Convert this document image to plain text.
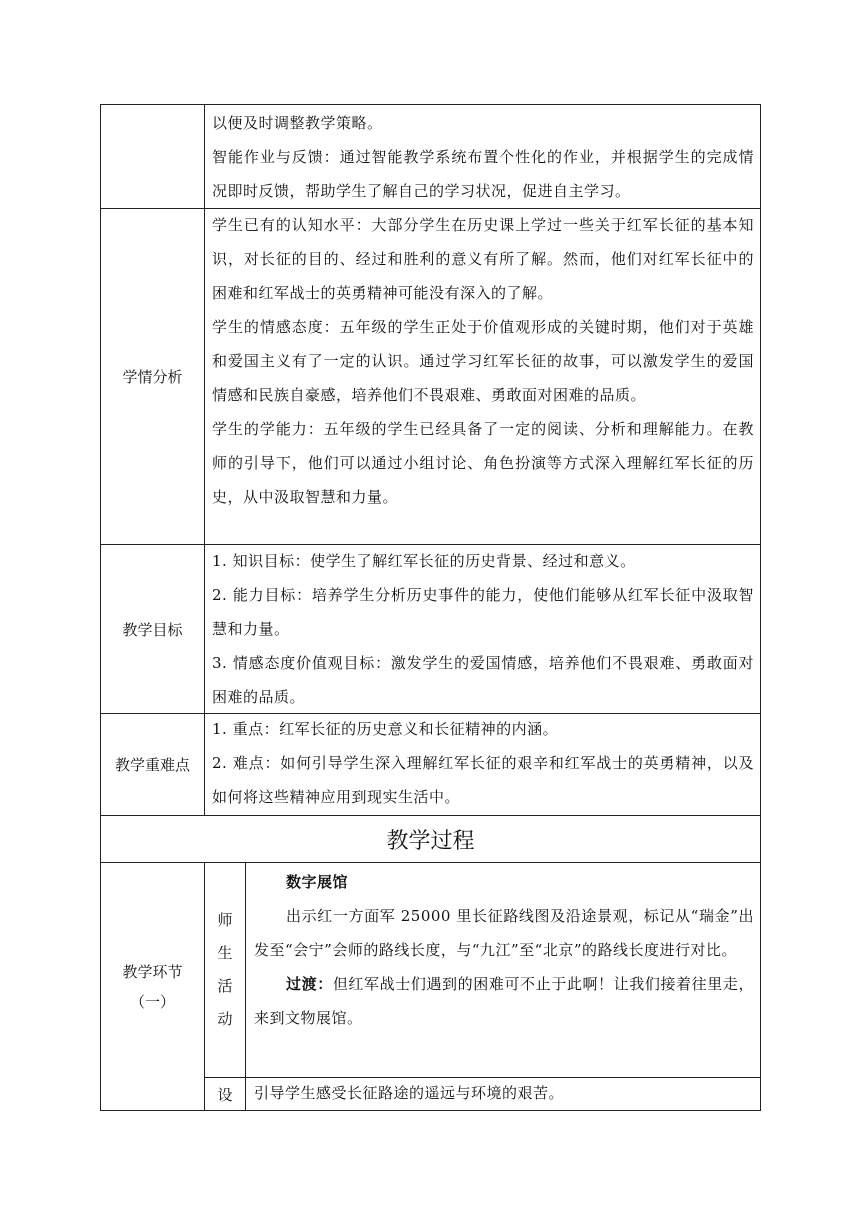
以便及时调整教学策略。

智能作业与反馈：通过智能教学系统布置个性化的作业，并根据学生的完成情况即时反馈，帮助学生了解自己的学习状况，促进自主学习。

学情分析

学生已有的认知水平：大部分学生在历史课上学过一些关于红军长征的基本知识，对长征的目的、经过和胜利的意义有所了解。然而，他们对红军长征中的困难和红军战士的英勇精神可能没有深入的了解。

学生的情感态度：五年级的学生正处于价值观形成的关键时期，他们对于英雄和爱国主义有了一定的认识。通过学习红军长征的故事，可以激发学生的爱国情感和民族自豪感，培养他们不畏艰难、勇敢面对困难的品质。

学生的学能力：五年级的学生已经具备了一定的阅读、分析和理解能力。在教师的引导下，他们可以通过小组讨论、角色扮演等方式深入理解红军长征的历史，从中汲取智慧和力量。

教学目标

1. 知识目标：使学生了解红军长征的历史背景、经过和意义。

2. 能力目标：培养学生分析历史事件的能力，使他们能够从红军长征中汲取智慧和力量。

3. 情感态度价值观目标：激发学生的爱国情感，培养他们不畏艰难、勇敢面对困难的品质。

教学重难点

1. 重点：红军长征的历史意义和长征精神的内涵。

2. 难点：如何引导学生深入理解红军长征的艰辛和红军战士的英勇精神，以及如何将这些精神应用到现实生活中。

教学过程
教学环节
（一）
师
生
活
动

数字展馆

出示红一方面军 25000 里长征路线图及沿途景观，标记从“瑞金”出发至“会宁”会师的路线长度，与“九江”至“北京”的路线长度进行对比。

过渡：但红军战士们遇到的困难可不止于此啊！让我们接着往里走，来到文物展馆。

设	引导学生感受长征路途的遥远与环境的艰苦。
